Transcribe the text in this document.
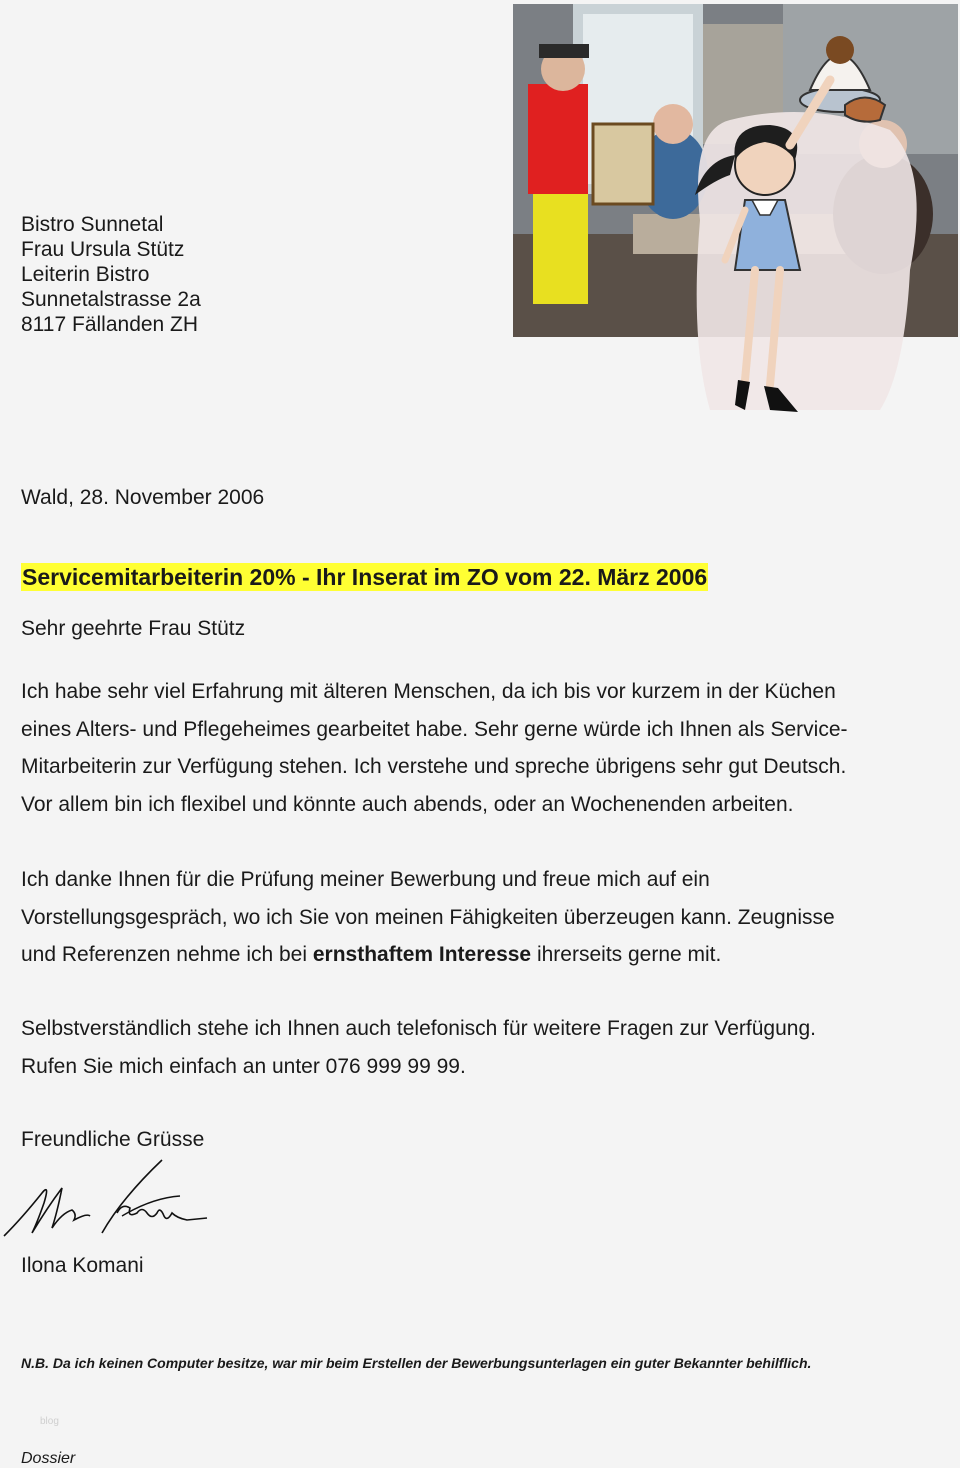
Bistro Sunnetal
Frau Ursula Stütz
Leiterin Bistro
Sunnetalstrasse 2a
8117 Fällanden ZH
Wald, 28. November 2006
Servicemitarbeiterin 20% - Ihr Inserat im ZO vom 22. März 2006
Sehr geehrte Frau Stütz
Ich habe sehr viel Erfahrung mit älteren Menschen, da ich bis vor kurzem in der Küchen
eines Alters- und Pflegeheimes gearbeitet habe. Sehr gerne würde ich Ihnen als Service-
Mitarbeiterin zur Verfügung stehen. Ich verstehe und spreche übrigens sehr gut Deutsch.
Vor allem bin ich flexibel und könnte auch abends, oder an Wochenenden arbeiten.
Ich danke Ihnen für die Prüfung meiner Bewerbung und freue mich auf ein
Vorstellungsgespräch, wo ich Sie von meinen Fähigkeiten überzeugen kann. Zeugnisse
und Referenzen nehme ich bei ernsthaftem Interesse ihrerseits gerne mit.
Selbstverständlich stehe ich Ihnen auch telefonisch für weitere Fragen zur Verfügung.
Rufen Sie mich einfach an unter 076 999 99 99.
Freundliche Grüsse
Ilona Komani
N.B. Da ich keinen Computer besitze, war mir beim Erstellen der Bewerbungsunterlagen ein guter Bekannter behilflich.
blog
Dossier
